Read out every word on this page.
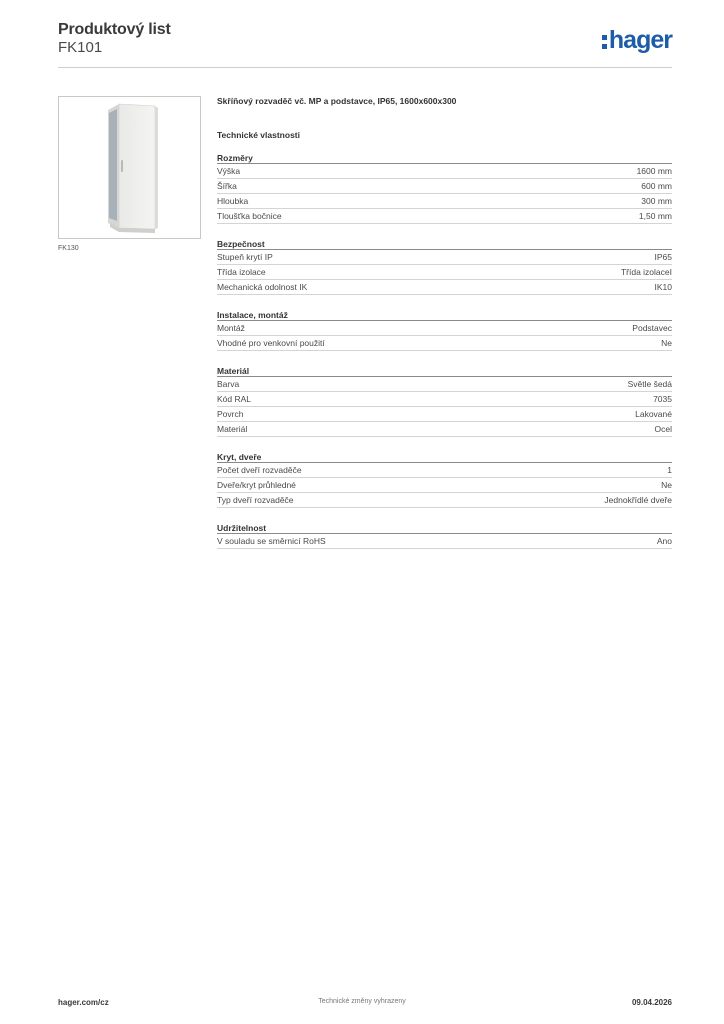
Produktový list
FK101	hager
FK130
Skříňový rozvaděč vč. MP a podstavce, IP65, 1600x600x300
Technické vlastnosti
Rozměry
Výška	1600 mm
Šířka	600 mm
Hloubka	300 mm
Tloušťka bočnice	1,50 mm
Bezpečnost
Stupeň krytí IP	IP65
Třída izolace	Třída izolaceI
Mechanická odolnost IK	IK10
Instalace, montáž
Montáž	Podstavec
Vhodné pro venkovní použití	Ne
Materiál
Barva	Světle šedá
Kód RAL	7035
Povrch	Lakované
Materiál	Ocel
Kryt, dveře
Počet dveří rozvaděče	1
Dveře/kryt průhledné	Ne
Typ dveří rozvaděče	Jednokřídlé dveře
Udržitelnost
V souladu se směrnicí RoHS	Ano
hager.com/cz	Technické změny vyhrazeny	09.04.2026
